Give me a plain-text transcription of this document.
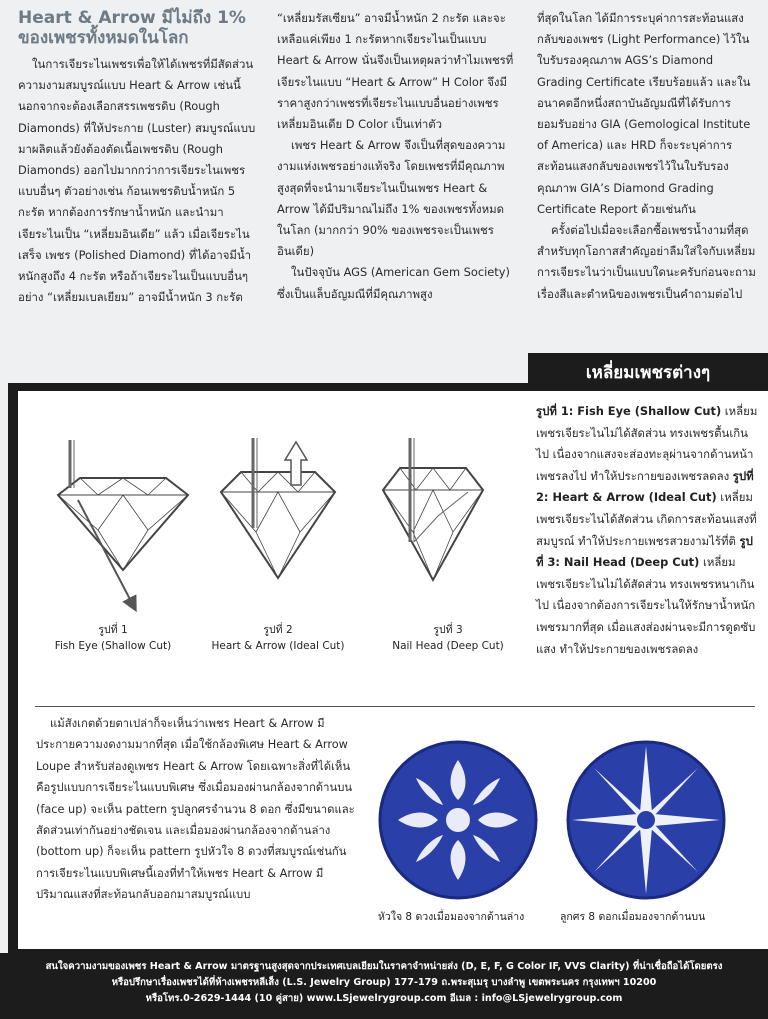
Heart & Arrow มีไม่ถึง 1%
ของเพชรทั้งหมดในโลก

ในการเจียระไนเพชรเพื่อให้ได้เพชรที่มีสัดส่วนความงามสมบูรณ์แบบ Heart & Arrow เช่นนี้ นอกจากจะต้องเลือกสรรเพชรดิบ (Rough Diamonds) ที่ให้ประกาย (Luster) สมบูรณ์แบบมาผลิตแล้วยังต้องตัดเนื้อเพชรดิบ (Rough Diamonds) ออกไปมากกว่าการเจียระไนเพชรแบบอื่นๆ ตัวอย่างเช่น ก้อนเพชรดิบน้ำหนัก 5 กะรัต หากต้องการรักษาน้ำหนัก และนำมาเจียระไนเป็น “เหลี่ยมอินเดีย” แล้ว เมื่อเจียระไนเสร็จ เพชร (Polished Diamond) ที่ได้อาจมีน้ำหนักสูงถึง 4 กะรัต หรือถ้าเจียระไนเป็นแบบอื่นๆ อย่าง “เหลี่ยมเบลเยียม” อาจมีน้ำหนัก 3 กะรัต

“เหลี่ยมรัสเซียน” อาจมีน้ำหนัก 2 กะรัต และจะเหลือแค่เพียง 1 กะรัตหากเจียระไนเป็นแบบ Heart & Arrow นั่นจึงเป็นเหตุผลว่าทำไมเพชรที่เจียระไนแบบ “Heart & Arrow” H Color จึงมีราคาสูงกว่าเพชรที่เจียระไนแบบอื่นอย่างเพชรเหลี่ยมอินเดีย D Color เป็นเท่าตัว

เพชร Heart & Arrow จึงเป็นที่สุดของความงามแห่งเพชรอย่างแท้จริง โดยเพชรที่มีคุณภาพสูงสุดที่จะนำมาเจียระไนเป็นเพชร Heart & Arrow ได้มีปริมาณไม่ถึง 1% ของเพชรทั้งหมดในโลก (มากกว่า 90% ของเพชรจะเป็นเพชรอินเดีย)

ในปัจจุบัน AGS (American Gem Society) ซึ่งเป็นแล็บอัญมณีที่มีคุณภาพสูง

ที่สุดในโลก ได้มีการระบุค่าการสะท้อนแสงกลับของเพชร (Light Performance) ไว้ในใบรับรองคุณภาพ AGS’s Diamond Grading Certificate เรียบร้อยแล้ว และในอนาคตอีกหนึ่งสถาบันอัญมณีที่ได้รับการยอมรับอย่าง GIA (Gemological Institute of America) และ HRD ก็จะระบุค่าการสะท้อนแสงกลับของเพชรไว้ในใบรับรองคุณภาพ GIA’s Diamond Grading Certificate Report ด้วยเช่นกัน

ครั้งต่อไปเมื่อจะเลือกซื้อเพชรน้ำงามที่สุดสำหรับทุกโอกาสสำคัญอย่าลืมใส่ใจกับเหลี่ยมการเจียระไนว่าเป็นแบบใดนะครับก่อนจะถามเรื่องสีและตำหนิของเพชรเป็นคำถามต่อไป

เหลี่ยมเพชรต่างๆ
รูปที่ 1
Fish Eye (Shallow Cut)
รูปที่ 2
Heart & Arrow (Ideal Cut)
รูปที่ 3
Nail Head (Deep Cut)
รูปที่ 1: Fish Eye (Shallow Cut) เหลี่ยมเพชรเจียระไนไม่ได้สัดส่วน ทรงเพชรตื้นเกินไป เนื่องจากแสงจะส่องทะลุผ่านจากด้านหน้าเพชรลงไป ทำให้ประกายของเพชรลดลง รูปที่ 2: Heart & Arrow (Ideal Cut) เหลี่ยมเพชรเจียระไนได้สัดส่วน เกิดการสะท้อนแสงที่สมบูรณ์ ทำให้ประกายเพชรสวยงามไร้ที่ติ รูปที่ 3: Nail Head (Deep Cut) เหลี่ยมเพชรเจียระไนไม่ได้สัดส่วน ทรงเพชรหนาเกินไป เนื่องจากต้องการเจียระไนให้รักษาน้ำหนักเพชรมากที่สุด เมื่อแสงส่องผ่านจะมีการดูดซับแสง ทำให้ประกายของเพชรลดลง
แม้สังเกตด้วยตาเปล่าก็จะเห็นว่าเพชร Heart & Arrow มีประกายความงดงามมากที่สุด เมื่อใช้กล้องพิเศษ Heart & Arrow Loupe สำหรับส่องดูเพชร Heart & Arrow โดยเฉพาะสิ่งที่ได้เห็นคือรูปแบบการเจียระไนแบบพิเศษ ซึ่งเมื่อมองผ่านกล้องจากด้านบน (face up) จะเห็น pattern รูปลูกศรจำนวน 8 ดอก ซึ่งมีขนาดและสัดส่วนเท่ากันอย่างชัดเจน และเมื่อมองผ่านกล้องจากด้านล่าง (bottom up) ก็จะเห็น pattern รูปหัวใจ 8 ดวงที่สมบูรณ์เช่นกัน การเจียระไนแบบพิเศษนี้เองที่ทำให้เพชร Heart & Arrow มีปริมาณแสงที่สะท้อนกลับออกมาสมบูรณ์แบบ
หัวใจ 8 ดวงเมื่อมองจากด้านล่าง	ลูกศร 8 ดอกเมื่อมองจากด้านบน
สนใจความงามของเพชร Heart & Arrow มาตรฐานสูงสุดจากประเทศเบลเยียมในราคาจำหน่ายส่ง (D, E, F, G Color IF, VVS Clarity) ที่น่าเชื่อถือได้โดยตรง
หรือปรึกษาเรื่องเพชรได้ที่ห้างเพชรหลีเส็ง (L.S. Jewelry Group) 177-179 ถ.พระสุเมรุ บางลำพู เขตพระนคร กรุงเทพฯ 10200
หรือโทร.0-2629-1444 (10 คู่สาย) www.LSjewelrygroup.com อีเมล : info@LSjewelrygroup.com
